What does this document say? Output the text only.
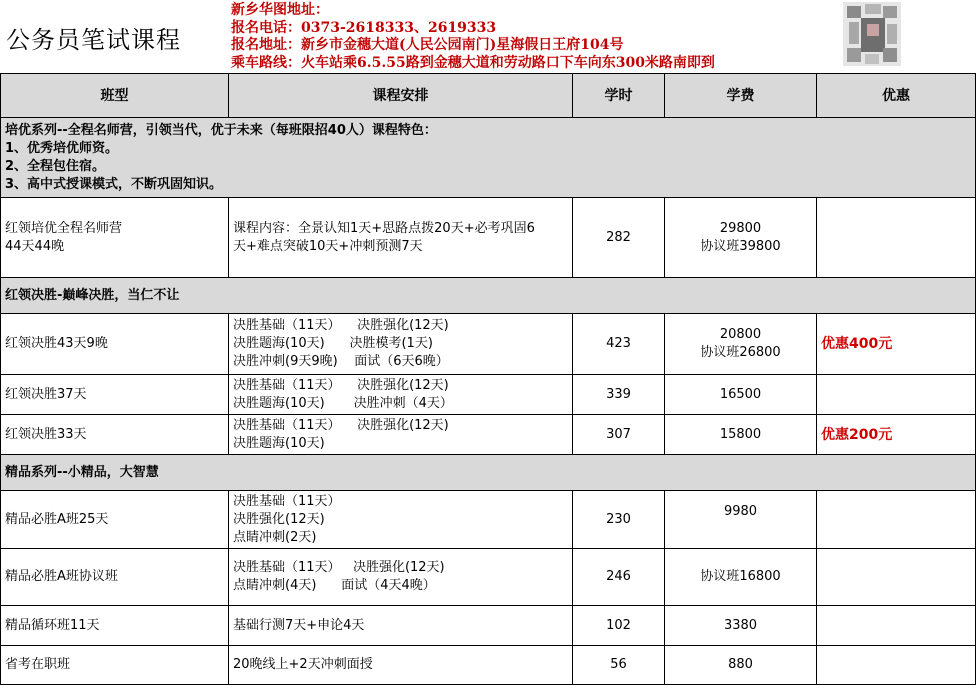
公务员笔试课程
新乡华图地址：
报名电话：0373-2618333、2619333
报名地址：新乡市金穗大道(人民公园南门)星海假日王府104号
乘车路线：火车站乘6.5.55路到金穗大道和劳动路口下车向东300米路南即到
班型	课程安排	学时	学费	优惠
培优系列--全程名师营，引领当代，优于未来（每班限招40人）课程特色：
1、优秀培优师资。
2、全程包住宿。
3、高中式授课模式，不断巩固知识。				
红领培优全程名师营
44天44晚	课程内容：全景认知1天+思路点拨20天+必考巩固6
天+难点突破10天+冲刺预测7天	282	29800
协议班39800	
红领决胜-巅峰决胜，当仁不让				
红领决胜43天9晚	决胜基础（11天）    决胜强化(12天)
决胜题海(10天)      决胜模考(1天)
决胜冲刺(9天9晚)    面试（6天6晚）	423	20800
协议班26800	优惠400元
红领决胜37天	决胜基础（11天）    决胜强化(12天)
决胜题海(10天)       决胜冲刺（4天）	339	16500	
红领决胜33天	决胜基础（11天）    决胜强化(12天)
决胜题海(10天)	307	15800	优惠200元
精品系列--小精品，大智慧				
精品必胜A班25天	决胜基础（11天）
决胜强化(12天)
点睛冲刺(2天)	230	9980	
精品必胜A班协议班	决胜基础（11天）   决胜强化(12天)
点睛冲刺(4天)      面试（4天4晚）	246	协议班16800	
精品循环班11天	基础行测7天+申论4天	102	3380	
省考在职班	20晚线上+2天冲刺面授	56	880	
